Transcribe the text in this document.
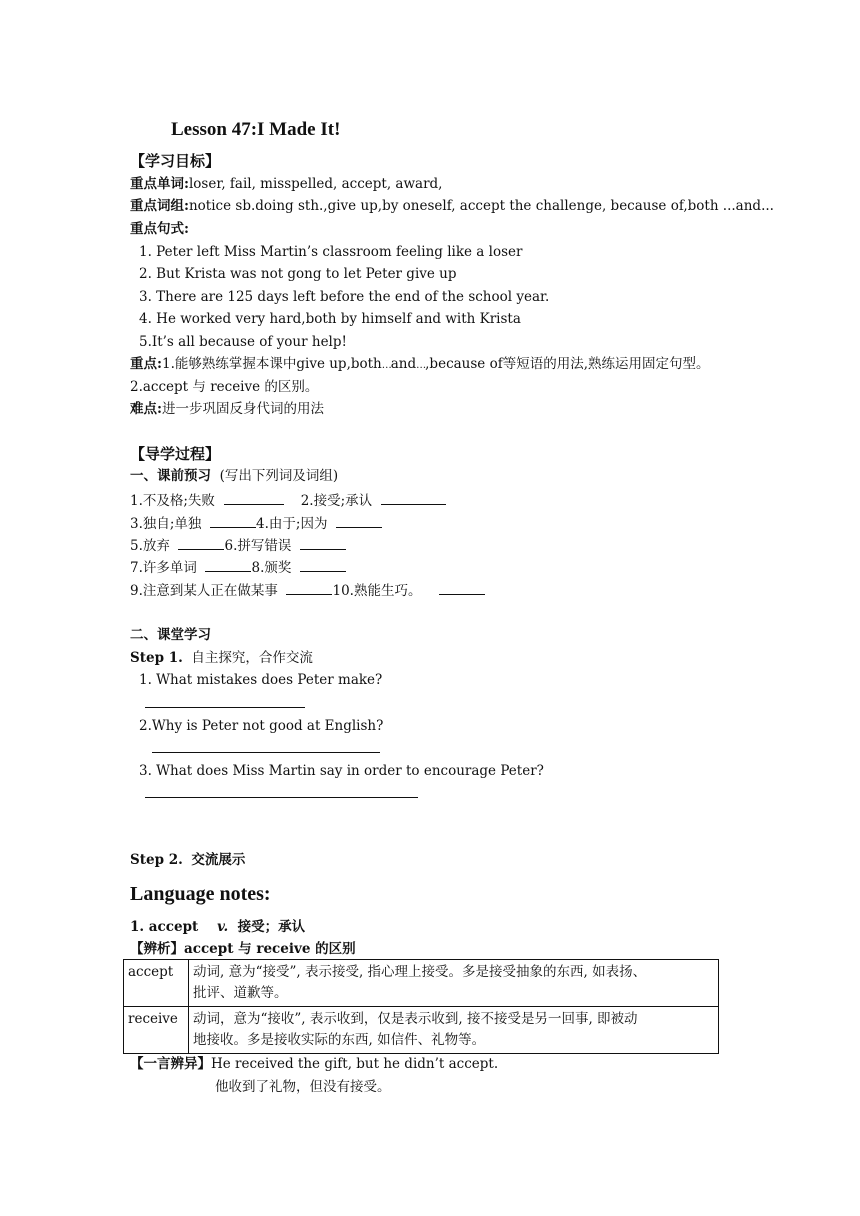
Lesson 47:I Made It!
【学习目标】
重点单词:loser, fail, misspelled, accept, award,
重点词组:notice sb.doing sth.,give up,by oneself, accept the challenge, because of,both ...and...
重点句式:
1. Peter left Miss Martin’s classroom feeling like a loser
2. But Krista was not gong to let Peter give up
3. There are 125 days left before the end of the school year.
4. He worked very hard,both by himself and with Krista
5.It’s all because of your help!
重点:1.能够熟练掌握本课中give up,both…and…,because of等短语的用法,熟练运用固定句型。
2.accept 与 receive 的区别。
难点:进一步巩固反身代词的用法
【导学过程】
一、课前预习 (写出下列词及词组)
1.不及格;失败	2.接受;承认
3.独自;单独	4.由于;因为
5.放弃	6.拼写错误
7.许多单词	8.颁奖
9.注意到某人正在做某事	10.熟能生巧。
二、课堂学习
Step 1. 自主探究，合作交流
1. What mistakes does Peter make?
2.Why is Peter not good at English?
3. What does Miss Martin say in order to encourage Peter?
Step 2. 交流展示
Language notes:
1. accept v. 接受；承认
【辨析】accept 与 receive 的区别
accept	动词, 意为“接受”, 表示接受, 指心理上接受。多是接受抽象的东西, 如表扬、
批评、道歉等。

receive	动词，意为“接收”, 表示收到，仅是表示收到, 接不接受是另一回事, 即被动
地接收。多是接收实际的东西, 如信件、礼物等。
【一言辨异】He received the gift, but he didn’t accept.
他收到了礼物，但没有接受。
